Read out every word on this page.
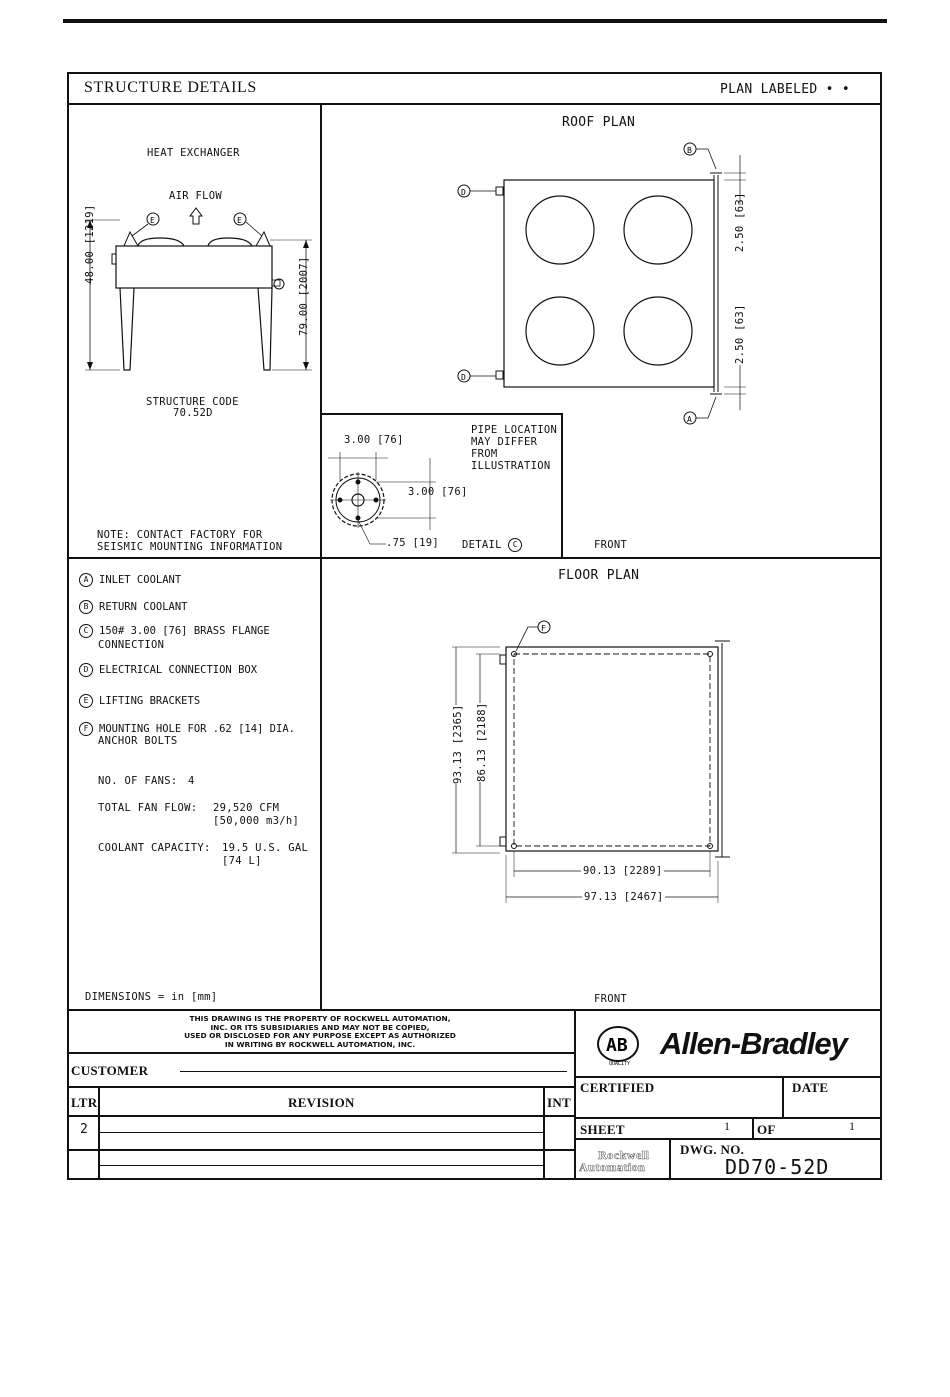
STRUCTURE DETAILS	PLAN LABELED • •
HEAT EXCHANGER
AIR FLOW
E	E
48.00 [1219]
79.00 [2007]
STRUCTURE CODE
70.52D
NOTE: CONTACT FACTORY FOR
SEISMIC MOUNTING INFORMATION
ROOF PLAN
D
D
B
A
2.50 [63]
2.50 [63]
FRONT
3.00 [76]
3.00 [76]
.75 [19]
PIPE LOCATION
MAY DIFFER
FROM
ILLUSTRATION
DETAIL C
A INLET COOLANT
B RETURN COOLANT
C 150# 3.00 [76] BRASS FLANGE
CONNECTION
D ELECTRICAL CONNECTION BOX
E LIFTING BRACKETS
F MOUNTING HOLE FOR .62 [14] DIA.
ANCHOR BOLTS
NO. OF FANS: 4
TOTAL FAN FLOW: 29,520 CFM
[50,000 m3/h]
COOLANT CAPACITY: 19.5 U.S. GAL
[74 L]
DIMENSIONS = in [mm]
FLOOR PLAN
F
93.13 [2365] 86.13 [2188]
90.13 [2289]
97.13 [2467]
FRONT
THIS DRAWING IS THE PROPERTY OF ROCKWELL AUTOMATION,
INC. OR ITS SUBSIDIARIES AND MAY NOT BE COPIED,
USED OR DISCLOSED FOR ANY PURPOSE EXCEPT AS AUTHORIZED
IN WRITING BY ROCKWELL AUTOMATION, INC.
CUSTOMER
LTR	REVISION	INT
2
AB
QUALITY
Allen-Bradley
CERTIFIED	DATE
SHEET	1 OF	1
Rockwell
Automation
DWG. NO.
DD70-52D
